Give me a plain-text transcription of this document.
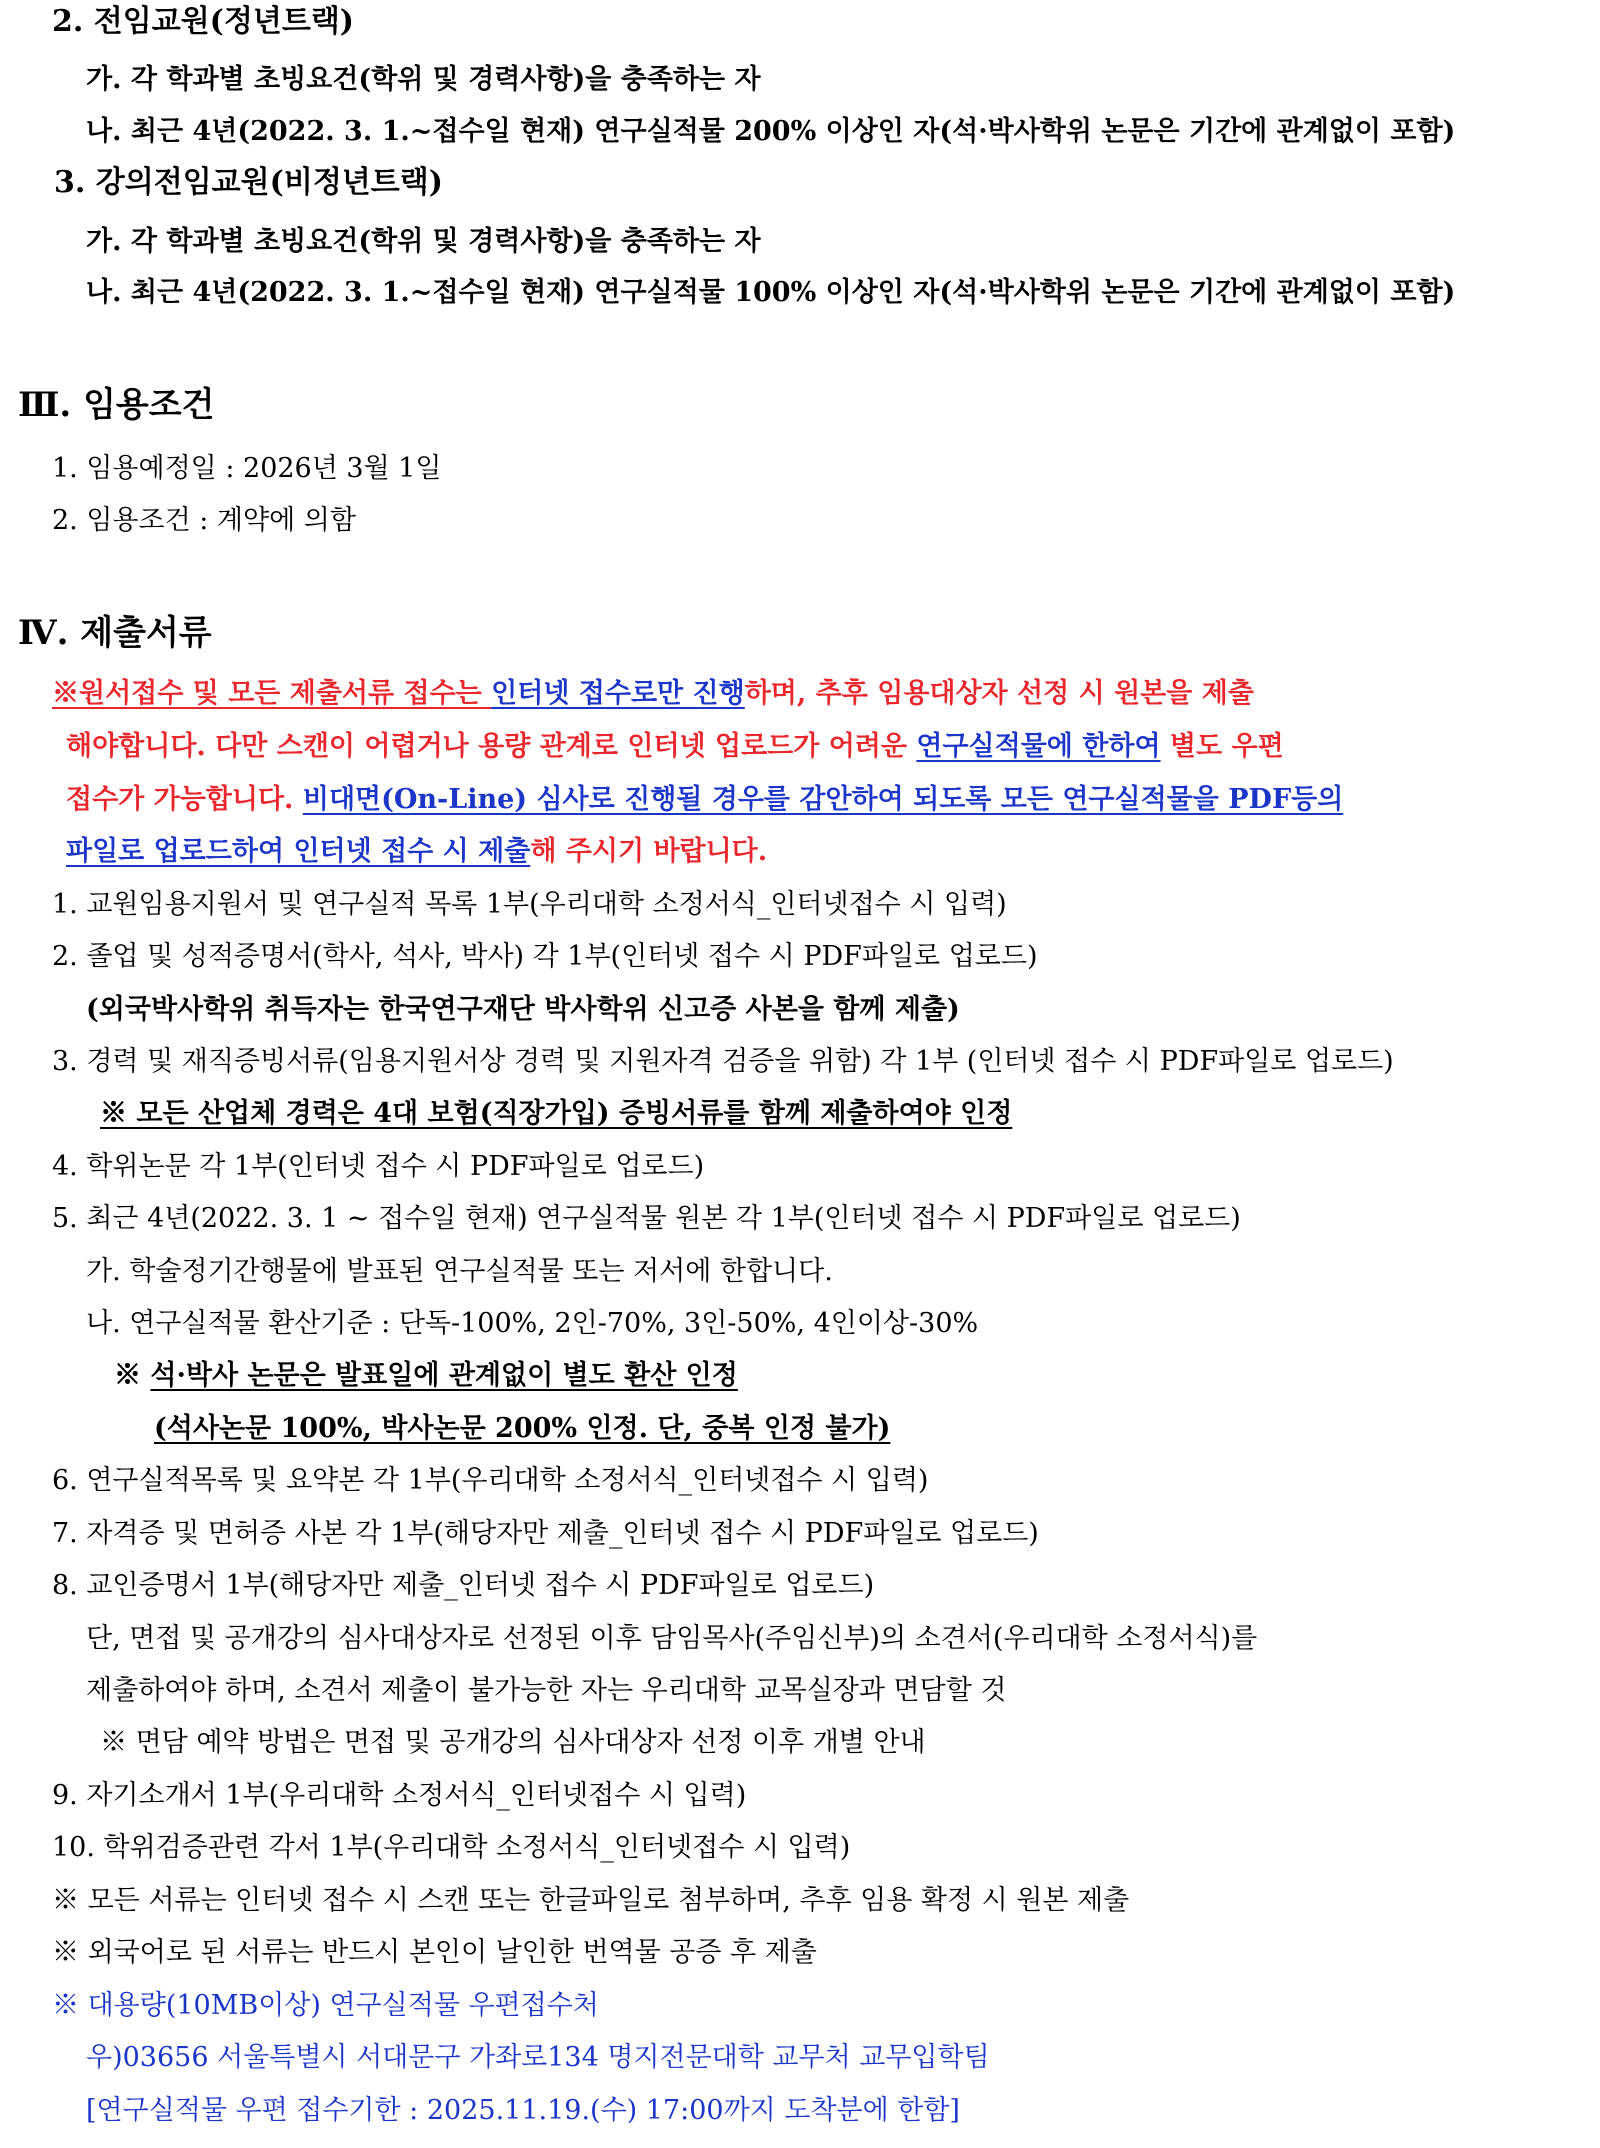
2. 전임교원(정년트랙)
가. 각 학과별 초빙요건(학위 및 경력사항)을 충족하는 자
나. 최근 4년(2022. 3. 1.~접수일 현재) 연구실적물 200% 이상인 자(석·박사학위 논문은 기간에 관계없이 포함)
3. 강의전임교원(비정년트랙)
가. 각 학과별 초빙요건(학위 및 경력사항)을 충족하는 자
나. 최근 4년(2022. 3. 1.~접수일 현재) 연구실적물 100% 이상인 자(석·박사학위 논문은 기간에 관계없이 포함)
Ⅲ. 임용조건
1. 임용예정일 : 2026년 3월 1일
2. 임용조건 : 계약에 의함
Ⅳ. 제출서류
※원서접수 및 모든 제출서류 접수는 인터넷 접수로만 진행하며, 추후 임용대상자 선정 시 원본을 제출
해야합니다. 다만 스캔이 어렵거나 용량 관계로 인터넷 업로드가 어려운 연구실적물에 한하여 별도 우편
접수가 가능합니다. 비대면(On-Line) 심사로 진행될 경우를 감안하여 되도록 모든 연구실적물을 PDF등의
파일로 업로드하여 인터넷 접수 시 제출해 주시기 바랍니다.
1. 교원임용지원서 및 연구실적 목록 1부(우리대학 소정서식_인터넷접수 시 입력)
2. 졸업 및 성적증명서(학사, 석사, 박사) 각 1부(인터넷 접수 시 PDF파일로 업로드)
(외국박사학위 취득자는 한국연구재단 박사학위 신고증 사본을 함께 제출)
3. 경력 및 재직증빙서류(임용지원서상 경력 및 지원자격 검증을 위함) 각 1부 (인터넷 접수 시 PDF파일로 업로드)
※ 모든 산업체 경력은 4대 보험(직장가입) 증빙서류를 함께 제출하여야 인정
4. 학위논문 각 1부(인터넷 접수 시 PDF파일로 업로드)
5. 최근 4년(2022. 3. 1 ~ 접수일 현재) 연구실적물 원본 각 1부(인터넷 접수 시 PDF파일로 업로드)
가. 학술정기간행물에 발표된 연구실적물 또는 저서에 한합니다.
나. 연구실적물 환산기준 : 단독-100%, 2인-70%, 3인-50%, 4인이상-30%
※ 석·박사 논문은 발표일에 관계없이 별도 환산 인정
(석사논문 100%, 박사논문 200% 인정. 단, 중복 인정 불가)
6. 연구실적목록 및 요약본 각 1부(우리대학 소정서식_인터넷접수 시 입력)
7. 자격증 및 면허증 사본 각 1부(해당자만 제출_인터넷 접수 시 PDF파일로 업로드)
8. 교인증명서 1부(해당자만 제출_인터넷 접수 시 PDF파일로 업로드)
단, 면접 및 공개강의 심사대상자로 선정된 이후 담임목사(주임신부)의 소견서(우리대학 소정서식)를
제출하여야 하며, 소견서 제출이 불가능한 자는 우리대학 교목실장과 면담할 것
※ 면담 예약 방법은 면접 및 공개강의 심사대상자 선정 이후 개별 안내
9. 자기소개서 1부(우리대학 소정서식_인터넷접수 시 입력)
10. 학위검증관련 각서 1부(우리대학 소정서식_인터넷접수 시 입력)
※ 모든 서류는 인터넷 접수 시 스캔 또는 한글파일로 첨부하며, 추후 임용 확정 시 원본 제출
※ 외국어로 된 서류는 반드시 본인이 날인한 번역물 공증 후 제출
※ 대용량(10MB이상) 연구실적물 우편접수처
우)03656 서울특별시 서대문구 가좌로134 명지전문대학 교무처 교무입학팀
[연구실적물 우편 접수기한 : 2025.11.19.(수) 17:00까지 도착분에 한함]
